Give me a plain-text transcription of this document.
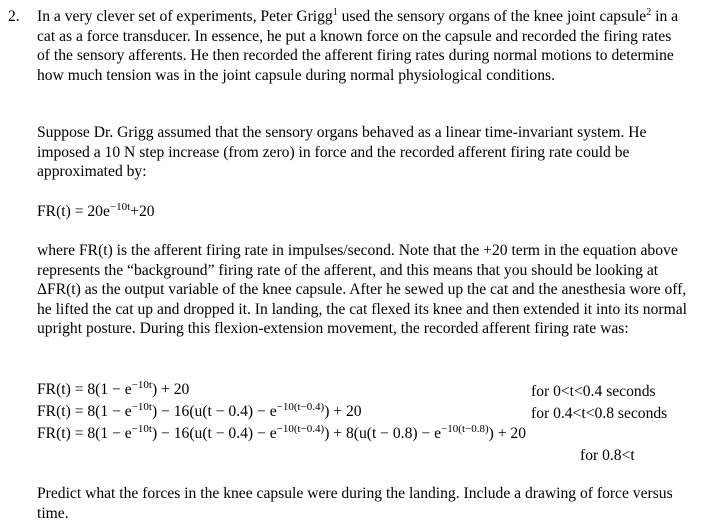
2. In a very clever set of experiments, Peter Grigg$^1$ used the sensory organs of the knee joint capsule$^2$ in a cat as a force transducer. In essence, he put a known force on the capsule and recorded the firing rates of the sensory afferents. He then recorded the afferent firing rates during normal motions to determine how much tension was in the joint capsule during normal physiological conditions.

Suppose Dr. Grigg assumed that the sensory organs behaved as a linear time-invariant system. He imposed a 10 N step increase (from zero) in force and the recorded afferent firing rate could be approximated by:

$FR(t) = 20e^{-10t}+20$

where FR(t) is the afferent firing rate in impulses/second. Note that the +20 term in the equation above represents the “background” firing rate of the afferent, and this means that you should be looking at ΔFR(t) as the output variable of the knee capsule. After he sewed up the cat and the anesthesia wore off, he lifted the cat up and dropped it. In landing, the cat flexed its knee and then extended it into its normal upright posture. During this flexion-extension movement, the recorded afferent firing rate was:

$FR(t) = 8(1 - e^{-10t}) + 20$	for 0<t<0.4 seconds
$FR(t) = 8(1 - e^{-10t}) - 16(u(t - 0.4) - e^{-10(t-0.4)}) + 20$	for 0.4<t<0.8 seconds
$FR(t) = 8(1 - e^{-10t}) - 16(u(t - 0.4) - e^{-10(t-0.4)}) + 8(u(t - 0.8) - e^{-10(t-0.8)}) + 20$
for 0.8<t

Predict what the forces in the knee capsule were during the landing. Include a drawing of force versus time.
